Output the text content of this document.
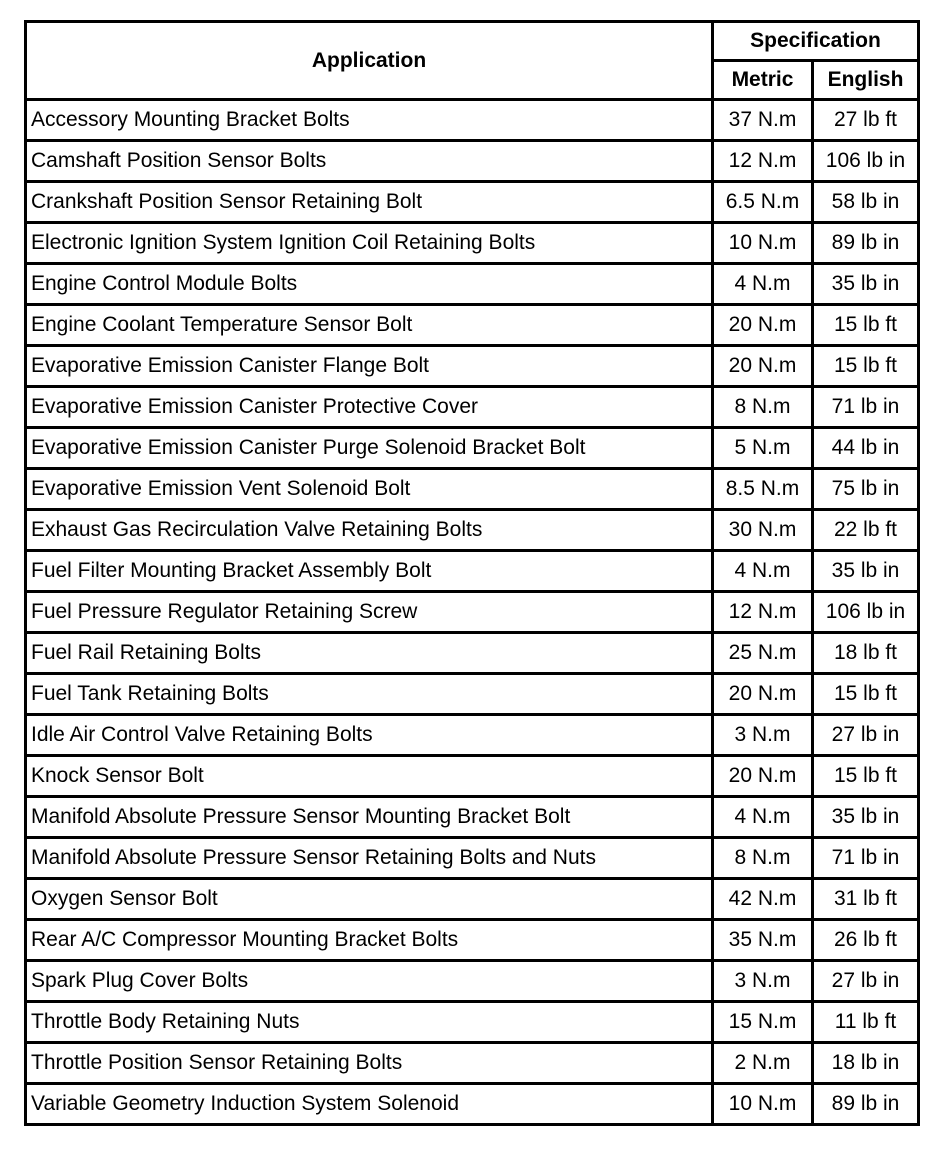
Application	Specification	
	Metric	English
Accessory Mounting Bracket Bolts	37 N.m	27 lb ft
Camshaft Position Sensor Bolts	12 N.m	106 lb in
Crankshaft Position Sensor Retaining Bolt	6.5 N.m	58 lb in
Electronic Ignition System Ignition Coil Retaining Bolts	10 N.m	89 lb in
Engine Control Module Bolts	4 N.m	35 lb in
Engine Coolant Temperature Sensor Bolt	20 N.m	15 lb ft
Evaporative Emission Canister Flange Bolt	20 N.m	15 lb ft
Evaporative Emission Canister Protective Cover	8 N.m	71 lb in
Evaporative Emission Canister Purge Solenoid Bracket Bolt	5 N.m	44 lb in
Evaporative Emission Vent Solenoid Bolt	8.5 N.m	75 lb in
Exhaust Gas Recirculation Valve Retaining Bolts	30 N.m	22 lb ft
Fuel Filter Mounting Bracket Assembly Bolt	4 N.m	35 lb in
Fuel Pressure Regulator Retaining Screw	12 N.m	106 lb in
Fuel Rail Retaining Bolts	25 N.m	18 lb ft
Fuel Tank Retaining Bolts	20 N.m	15 lb ft
Idle Air Control Valve Retaining Bolts	3 N.m	27 lb in
Knock Sensor Bolt	20 N.m	15 lb ft
Manifold Absolute Pressure Sensor Mounting Bracket Bolt	4 N.m	35 lb in
Manifold Absolute Pressure Sensor Retaining Bolts and Nuts	8 N.m	71 lb in
Oxygen Sensor Bolt	42 N.m	31 lb ft
Rear A/C Compressor Mounting Bracket Bolts	35 N.m	26 lb ft
Spark Plug Cover Bolts	3 N.m	27 lb in
Throttle Body Retaining Nuts	15 N.m	11 lb ft
Throttle Position Sensor Retaining Bolts	2 N.m	18 lb in
Variable Geometry Induction System Solenoid	10 N.m	89 lb in
